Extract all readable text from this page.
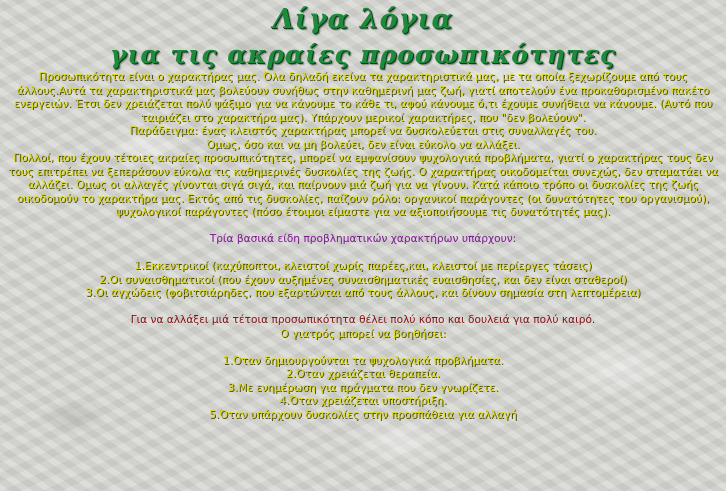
Λίγα λόγια
για τις ακραίες προσωπικότητες

Προσωπικότητα είναι ο χαρακτήρας μας. Όλα δηλαδή εκείνα τα χαρακτηριστικά μας, με τα οποία ξεχωρίζουμε από τους άλλους.Αυτά τα χαρακτηριστικά μας βολεύουν συνήθως στην καθημερινή μας ζωή, γιατί αποτελούν ένα προκαθορισμένο πακέτο ενεργειών. Έτσι δεν χρειάζεται πολύ ψάξιμο για να κάνουμε το κάθε τι, αφού κάνουμε ό,τι έχουμε συνήθεια να κάνουμε. (Αυτό που ταιριάζει στο χαρακτήρα μας). Υπάρχουν μερικοί χαρακτήρες, που "δεν βολεύουν".

Παράδειγμα: ένας κλειστός χαρακτήρας μπορεί να δυσκολεύεται στις συναλλαγές του.

Όμως, όσο και να μη βολεύει, δεν είναι εύκολο να αλλάξει.

Πολλοί, που έχουν τέτοιες ακραίες προσωπικότητες, μπορεί να εμφανίσουν ψυχολογικά προβλήματα, γιατί ο χαρακτήρας τους δεν τους επιτρέπει να ξεπεράσουν εύκολα τις καθημερινές δυσκολίες της ζωής. Ο χαρακτήρας οικοδομείται συνεχώς, δεν σταματάει να αλλάζει. Όμως οι αλλαγές γίνονται σιγά σιγά, και παίρνουν μιά ζωή για να γίνουν. Κατά κάποιο τρόπο οι δυσκολίες της ζωής οικοδομούν το χαρακτήρα μας. Εκτός από τις δυσκολίες, παίζουν ρόλο: οργανικοί παράγοντες (οι δυνατότητες του οργανισμού), ψυχολογικοί παράγοντες (πόσο έτοιμοι είμαστε για να αξιοποιήσουμε τις δυνατότητές μας).

Τρία βασικά είδη προβληματικών χαρακτήρων υπάρχουν:

1.Εκκεντρικοί (καχύποπτοι, κλειστοί χωρίς παρέες,και, κλειστοί με περίεργες τάσεις)

2.Οι συναισθηματικοί (που έχουν αυξημένες συναισθηματικές ευαισθησίες, και δεν είναι σταθεροί)

3.Οι αγχώδεις (φοβιτσιάρηδες, που εξαρτώνται από τους άλλους, και δίνουν σημασία στη λεπτομέρεια)

Για να αλλάξει μιά τέτοια προσωπικότητα θέλει πολύ κόπο και δουλειά για πολύ καιρό.

Ο γιατρός μπορεί να βοηθήσει:

1.Όταν δημιουργούνται τα ψυχολογικά προβλήματα.

2.Όταν χρειάζεται θεραπεία.

3.Με ενημέρωση για πράγματα που δεν γνωρίζετε.

4.Όταν χρειάζεται υποστήριξη.

5.Όταν υπάρχουν δυσκολίες στην προσπάθεια για αλλαγή
